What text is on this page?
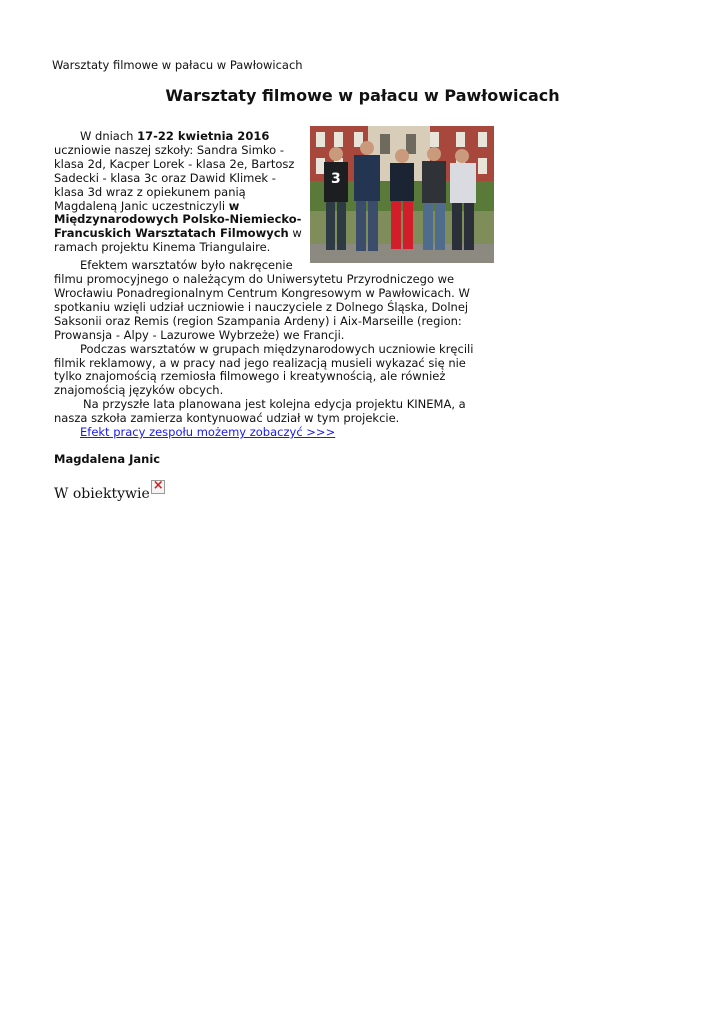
Warsztaty filmowe w pałacu w Pawłowicach
Warsztaty filmowe w pałacu w Pawłowicach
3

W dniach 17-22 kwietnia 2016 uczniowie naszej szkoły: Sandra Simko - klasa 2d, Kacper Lorek - klasa 2e, Bartosz Sadecki - klasa 3c oraz Dawid Klimek - klasa 3d wraz z opiekunem panią Magdaleną Janic uczestniczyli w Międzynarodowych Polsko-Niemiecko-Francuskich Warsztatach Filmowych w ramach projektu Kinema Triangulaire.

Efektem warsztatów było nakręcenie filmu promocyjnego o należącym do Uniwersytetu Przyrodniczego we Wrocławiu Ponadregionalnym Centrum Kongresowym w Pawłowicach. W spotkaniu wzięli udział uczniowie i nauczyciele z Dolnego Śląska, Dolnej Saksonii oraz Remis (region Szampania Ardeny) i Aix-Marseille (region: Prowansja - Alpy - Lazurowe Wybrzeże) we Francji.

Podczas warsztatów w grupach międzynarodowych uczniowie kręcili filmik reklamowy, a w pracy nad jego realizacją musieli wykazać się nie tylko znajomością rzemiosła filmowego i kreatywnością, ale również znajomością języków obcych.

Na przyszłe lata planowana jest kolejna edycja projektu KINEMA, a nasza szkoła zamierza kontynuować udział w tym projekcie.

Efekt pracy zespołu możemy zobaczyć >>>

Magdalena Janic

W obiektywie×
